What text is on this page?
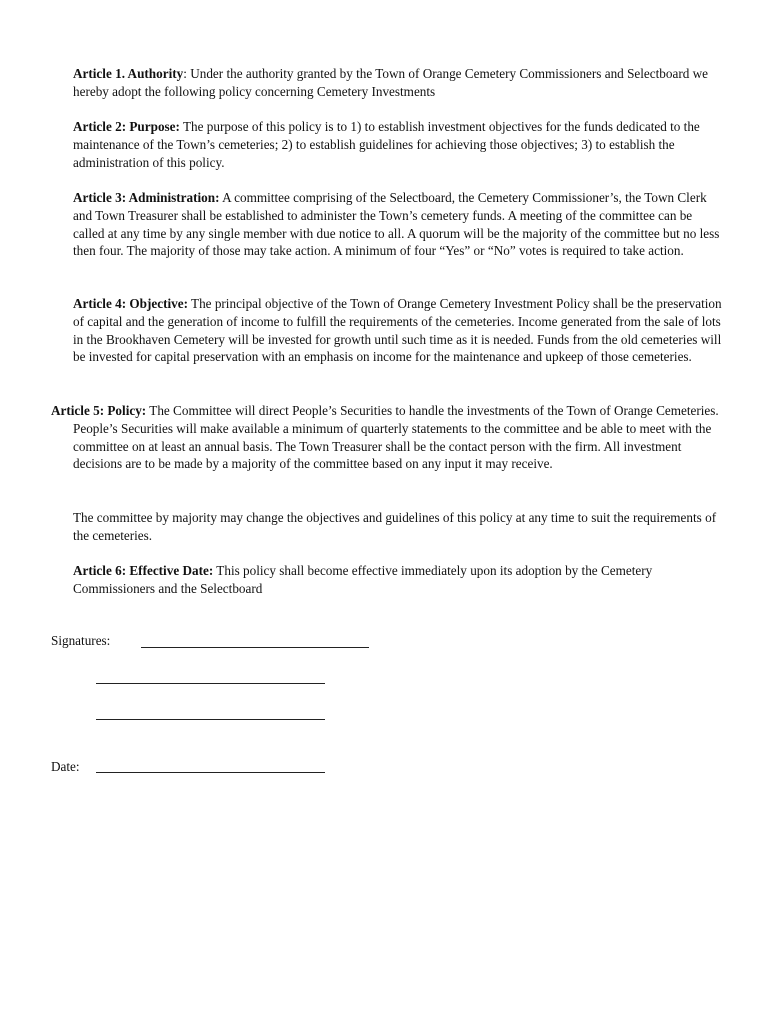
Article 1. Authority: Under the authority granted by the Town of Orange Cemetery Commissioners and Selectboard we hereby adopt the following policy concerning Cemetery Investments

Article 2: Purpose: The purpose of this policy is to 1) to establish investment objectives for the funds dedicated to the maintenance of the Town’s cemeteries; 2) to establish guidelines for achieving those objectives; 3) to establish the administration of this policy.

Article 3: Administration: A committee comprising of the Selectboard, the Cemetery Commissioner’s, the Town Clerk and Town Treasurer shall be established to administer the Town’s cemetery funds. A meeting of the committee can be called at any time by any single member with due notice to all. A quorum will be the majority of the committee but no less then four. The majority of those may take action. A minimum of four “Yes” or “No” votes is required to take action.

Article 4: Objective: The principal objective of the Town of Orange Cemetery Investment Policy shall be the preservation of capital and the generation of income to fulfill the requirements of the cemeteries. Income generated from the sale of lots in the Brookhaven Cemetery will be invested for growth until such time as it is needed. Funds from the old cemeteries will be invested for capital preservation with an emphasis on income for the maintenance and upkeep of those cemeteries.

Article 5: Policy: The Committee will direct People’s Securities to handle the investments of the Town of Orange Cemeteries. People’s Securities will make available a minimum of quarterly statements to the committee and be able to meet with the committee on at least an annual basis. The Town Treasurer shall be the contact person with the firm. All investment decisions are to be made by a majority of the committee based on any input it may receive.

The committee by majority may change the objectives and guidelines of this policy at any time to suit the requirements of the cemeteries.

Article 6: Effective Date: This policy shall become effective immediately upon its adoption by the Cemetery Commissioners and the Selectboard

Signatures:
Date:
